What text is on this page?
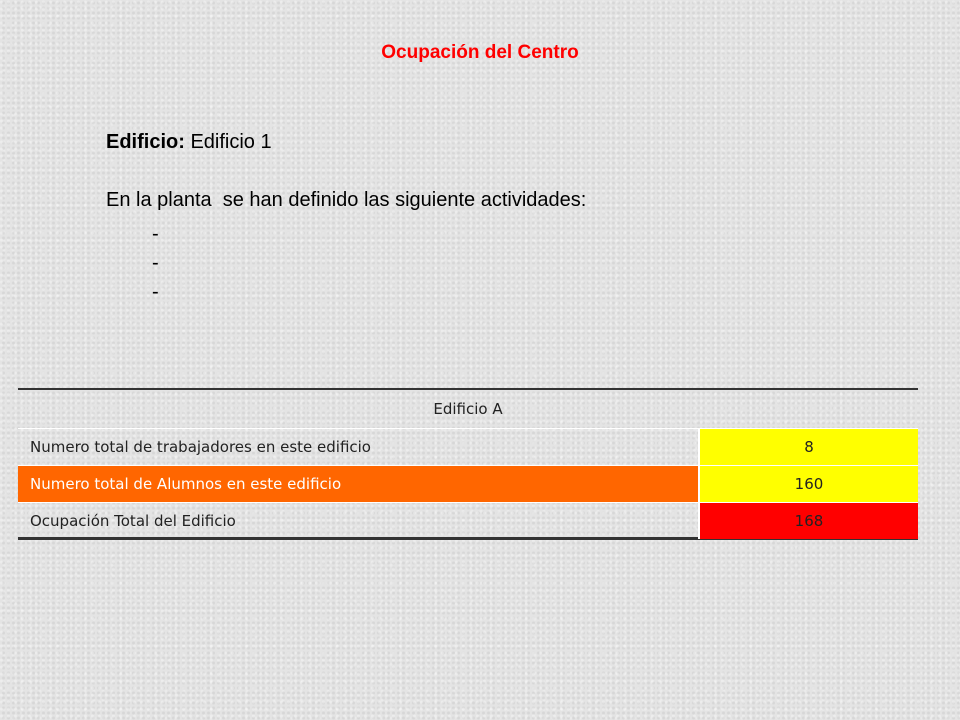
Ocupación del Centro
Edificio: Edificio 1
En la planta  se han definido las siguiente actividades:
-
-
-
Edificio A
Numero total de trabajadores en este edificio	8
Numero total de Alumnos en este edificio	160
Ocupación Total del Edificio	168
